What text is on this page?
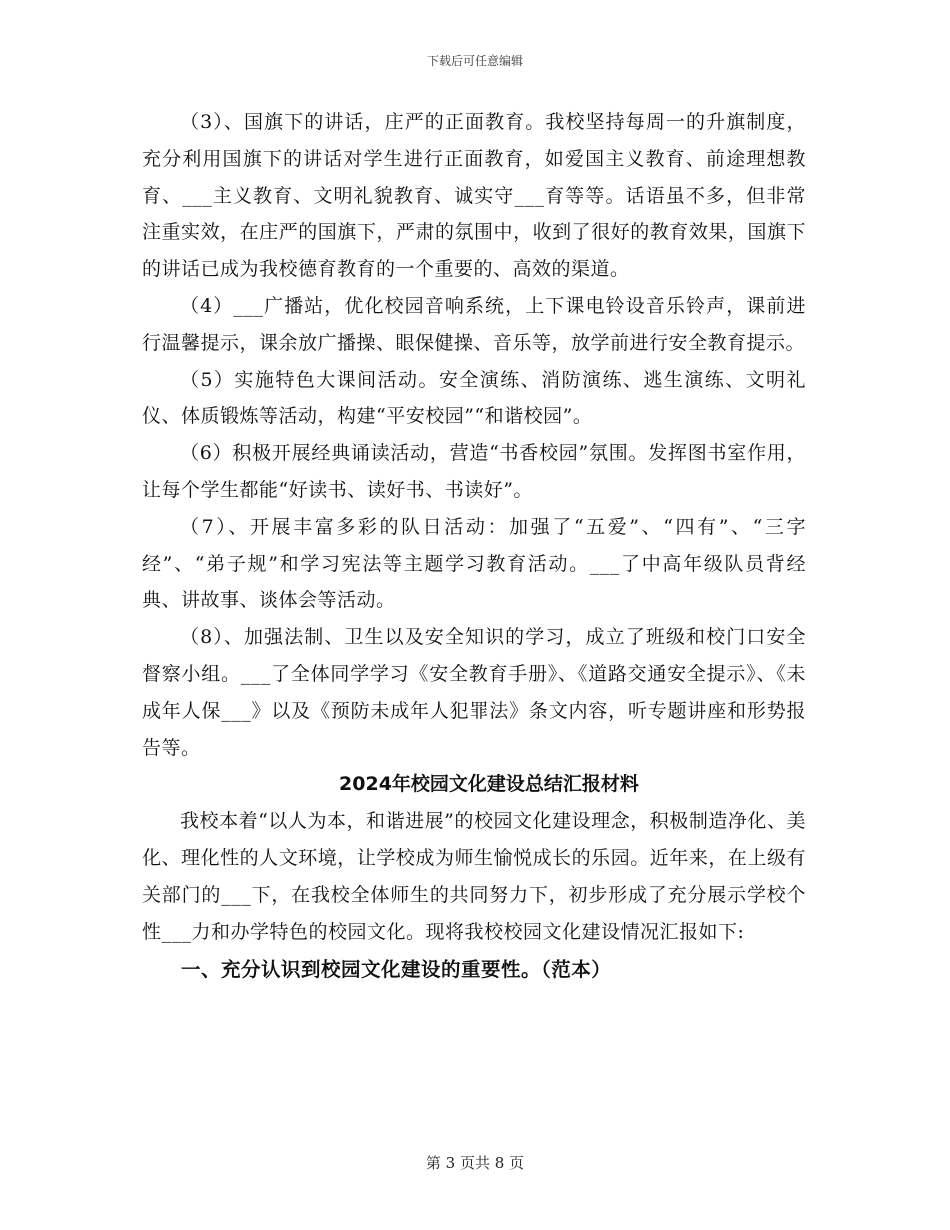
下载后可任意编辑

（3）、国旗下的讲话，庄严的正面教育。我校坚持每周一的升旗制度，充分利用国旗下的讲话对学生进行正面教育，如爱国主义教育、前途理想教育、___主义教育、文明礼貌教育、诚实守___育等等。话语虽不多，但非常注重实效，在庄严的国旗下，严肃的氛围中，收到了很好的教育效果，国旗下的讲话已成为我校德育教育的一个重要的、高效的渠道。

（4）___广播站，优化校园音响系统，上下课电铃设音乐铃声，课前进行温馨提示，课余放广播操、眼保健操、音乐等，放学前进行安全教育提示。

（5）实施特色大课间活动。安全演练、消防演练、逃生演练、文明礼仪、体质锻炼等活动，构建“平安校园”“和谐校园”。

（6）积极开展经典诵读活动，营造“书香校园”氛围。发挥图书室作用，让每个学生都能“好读书、读好书、书读好”。

（7）、开展丰富多彩的队日活动：加强了“五爱”、“四有”、“三字经”、“弟子规”和学习宪法等主题学习教育活动。___了中高年级队员背经典、讲故事、谈体会等活动。

（8）、加强法制、卫生以及安全知识的学习，成立了班级和校门口安全督察小组。___了全体同学学习《安全教育手册》、《道路交通安全提示》、《未成年人保___》以及《预防未成年人犯罪法》条文内容，听专题讲座和形势报告等。

2024年校园文化建设总结汇报材料

我校本着“以人为本，和谐进展”的校园文化建设理念，积极制造净化、美化、理化性的人文环境，让学校成为师生愉悦成长的乐园。近年来，在上级有关部门的___下，在我校全体师生的共同努力下，初步形成了充分展示学校个性___力和办学特色的校园文化。现将我校校园文化建设情况汇报如下:

一、充分认识到校园文化建设的重要性。（范本）

第 3 页共 8 页
